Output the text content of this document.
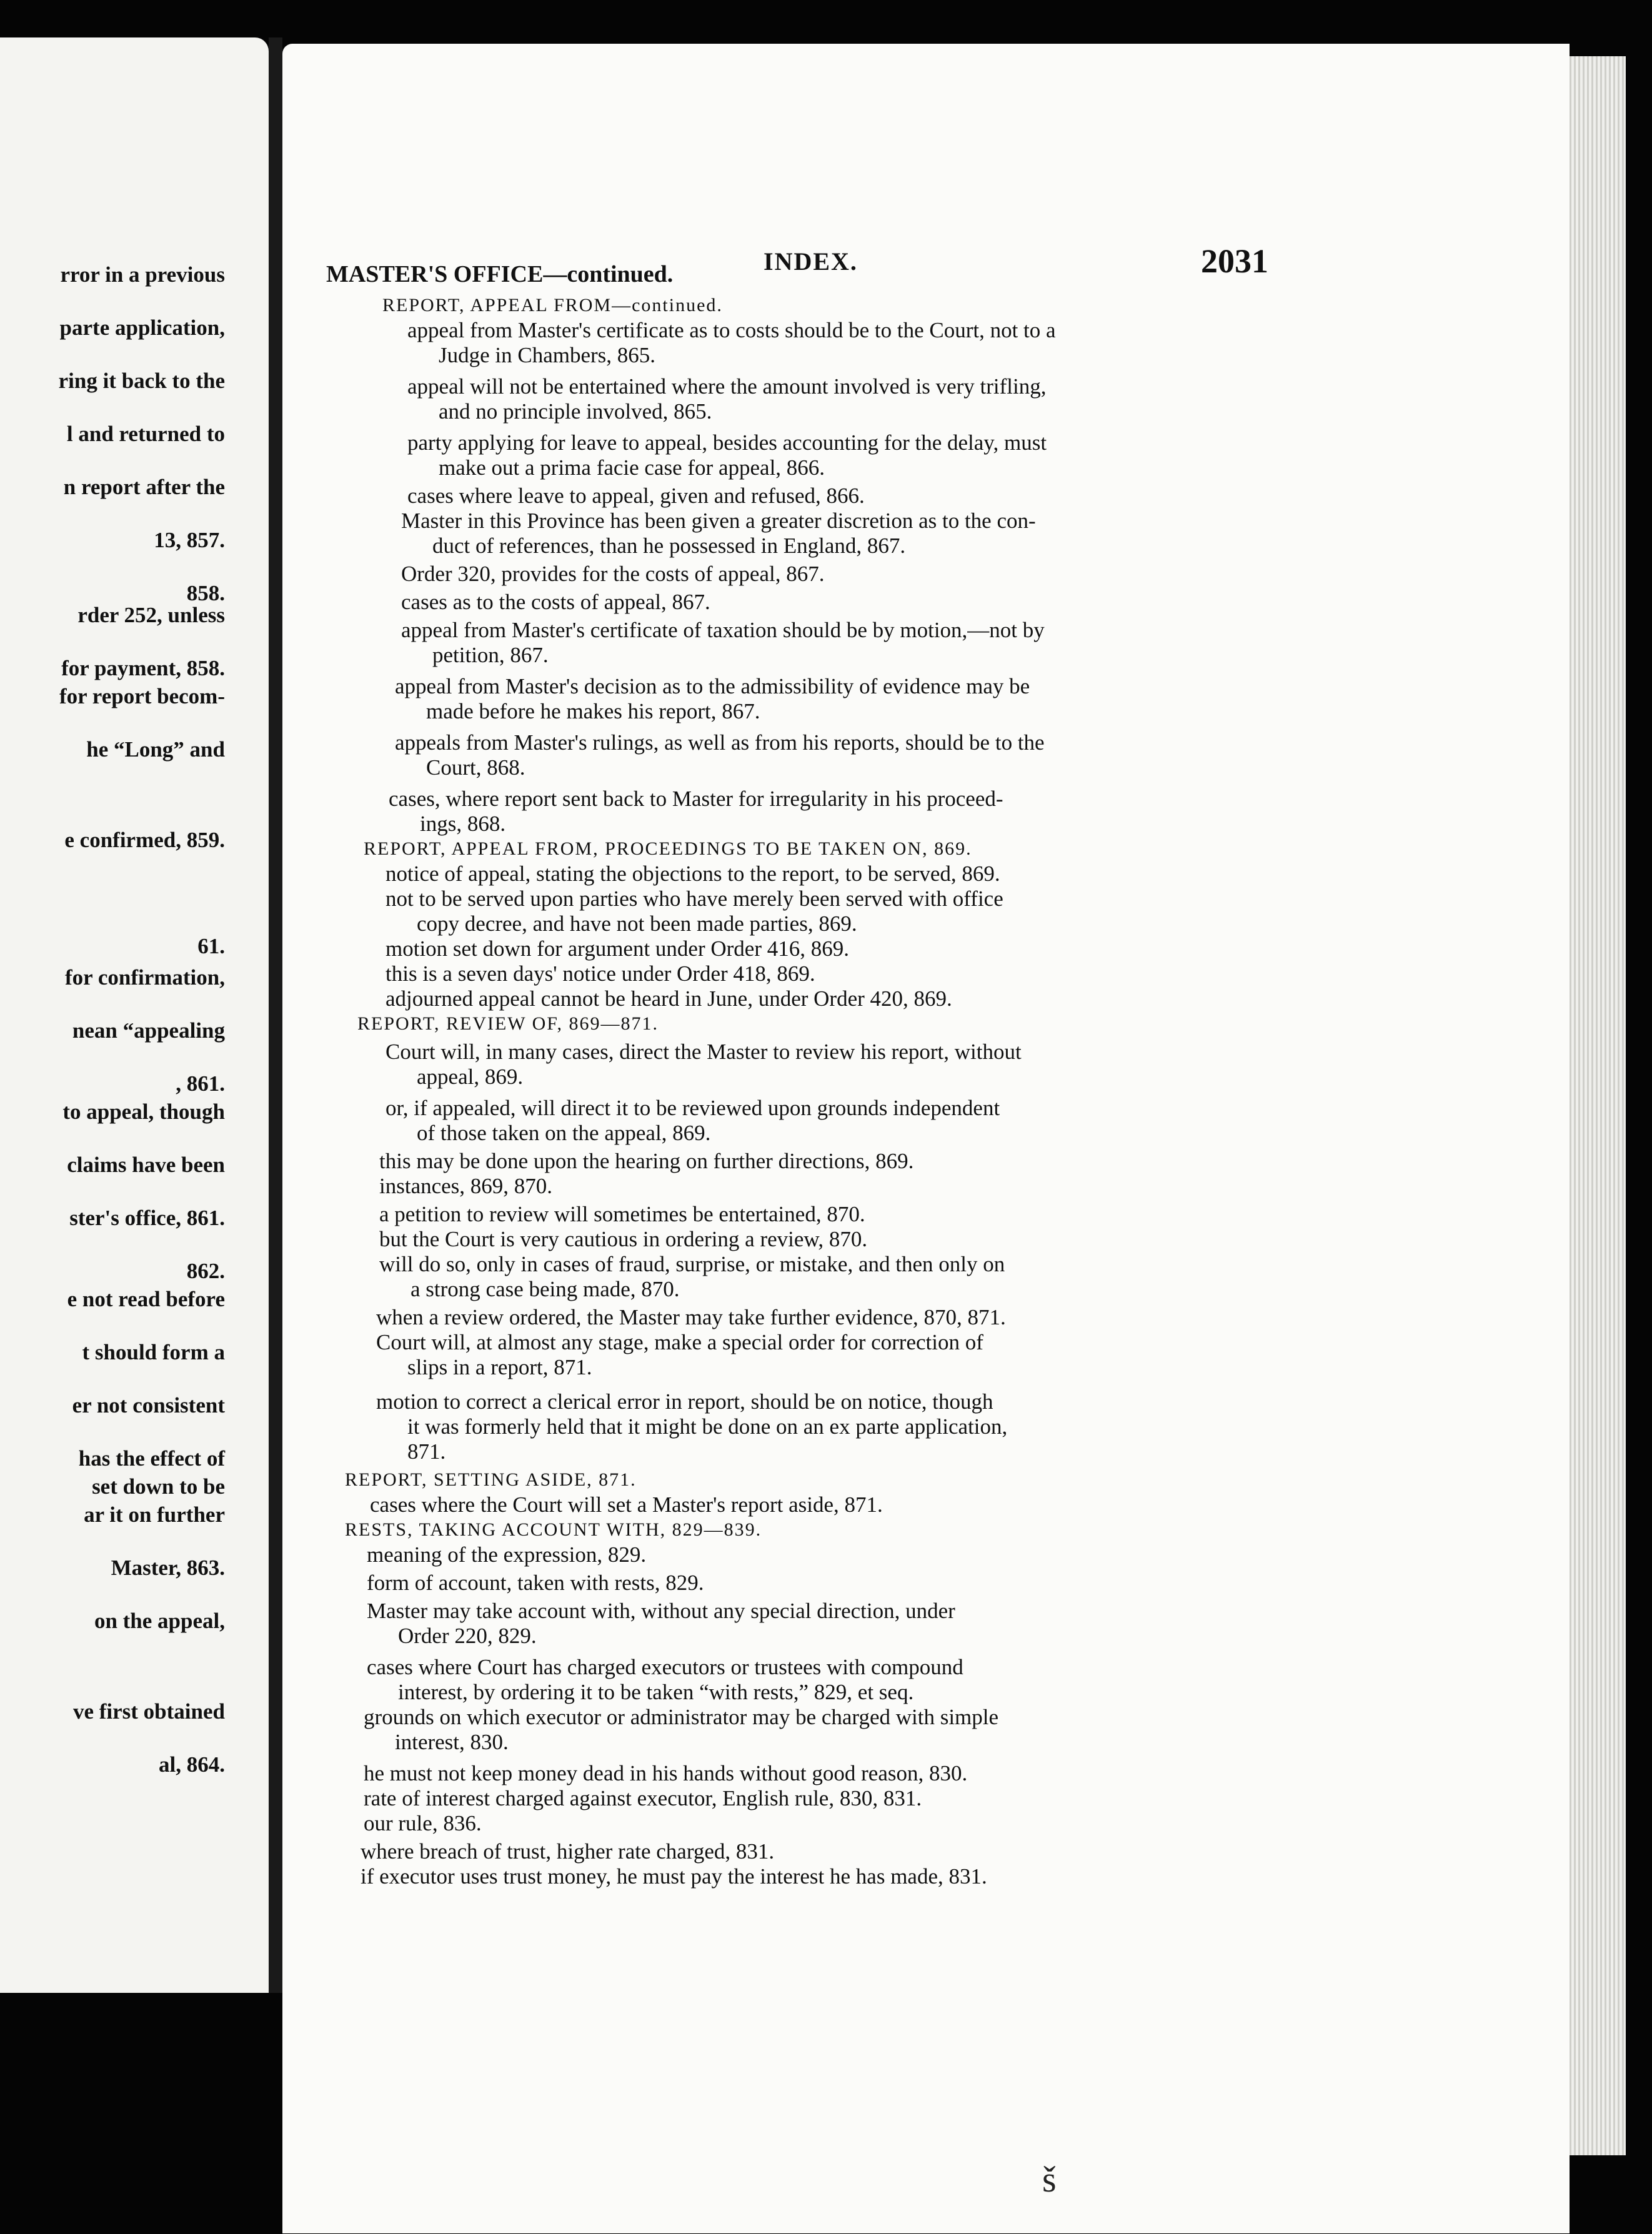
rror in a previous
parte application,
ring it back to the
l and returned to
n report after the
13, 857.
858.
rder 252, unless
for payment, 858.
for report becom-
he “Long” and
e confirmed, 859.
61.
for confirmation,
nean “appealing
, 861.
to appeal, though
claims have been
ster's office, 861.
862.
e not read before
t should form a
er not consistent
has the effect of
set down to be
ar it on further
Master, 863.
on the appeal,
ve first obtained
al, 864.
INDEX.	2031
MASTER'S OFFICE—continued.
REPORT, APPEAL FROM—continued.
appeal from Master's certificate as to costs should be to the Court, not to a
Judge in Chambers, 865.
appeal will not be entertained where the amount involved is very trifling,
and no principle involved, 865.
party applying for leave to appeal, besides accounting for the delay, must
make out a prima facie case for appeal, 866.
cases where leave to appeal, given and refused, 866.
Master in this Province has been given a greater discretion as to the con-
duct of references, than he possessed in England, 867.
Order 320, provides for the costs of appeal, 867.
cases as to the costs of appeal, 867.
appeal from Master's certificate of taxation should be by motion,—not by
petition, 867.
appeal from Master's decision as to the admissibility of evidence may be
made before he makes his report, 867.
appeals from Master's rulings, as well as from his reports, should be to the
Court, 868.
cases, where report sent back to Master for irregularity in his proceed-
ings, 868.
REPORT, APPEAL FROM, PROCEEDINGS TO BE TAKEN ON, 869.
notice of appeal, stating the objections to the report, to be served, 869.
not to be served upon parties who have merely been served with office
copy decree, and have not been made parties, 869.
motion set down for argument under Order 416, 869.
this is a seven days' notice under Order 418, 869.
adjourned appeal cannot be heard in June, under Order 420, 869.
REPORT, REVIEW OF, 869—871.
Court will, in many cases, direct the Master to review his report, without
appeal, 869.
or, if appealed, will direct it to be reviewed upon grounds independent
of those taken on the appeal, 869.
this may be done upon the hearing on further directions, 869.
instances, 869, 870.
a petition to review will sometimes be entertained, 870.
but the Court is very cautious in ordering a review, 870.
will do so, only in cases of fraud, surprise, or mistake, and then only on
a strong case being made, 870.
when a review ordered, the Master may take further evidence, 870, 871.
Court will, at almost any stage, make a special order for correction of
slips in a report, 871.
motion to correct a clerical error in report, should be on notice, though
it was formerly held that it might be done on an ex parte application,
871.
REPORT, SETTING ASIDE, 871.
cases where the Court will set a Master's report aside, 871.
RESTS, TAKING ACCOUNT WITH, 829—839.
meaning of the expression, 829.
form of account, taken with rests, 829.
Master may take account with, without any special direction, under
Order 220, 829.
cases where Court has charged executors or trustees with compound
interest, by ordering it to be taken “with rests,” 829, et seq.
grounds on which executor or administrator may be charged with simple
interest, 830.
he must not keep money dead in his hands without good reason, 830.
rate of interest charged against executor, English rule, 830, 831.
our rule, 836.
where breach of trust, higher rate charged, 831.
if executor uses trust money, he must pay the interest he has made, 831.
š
